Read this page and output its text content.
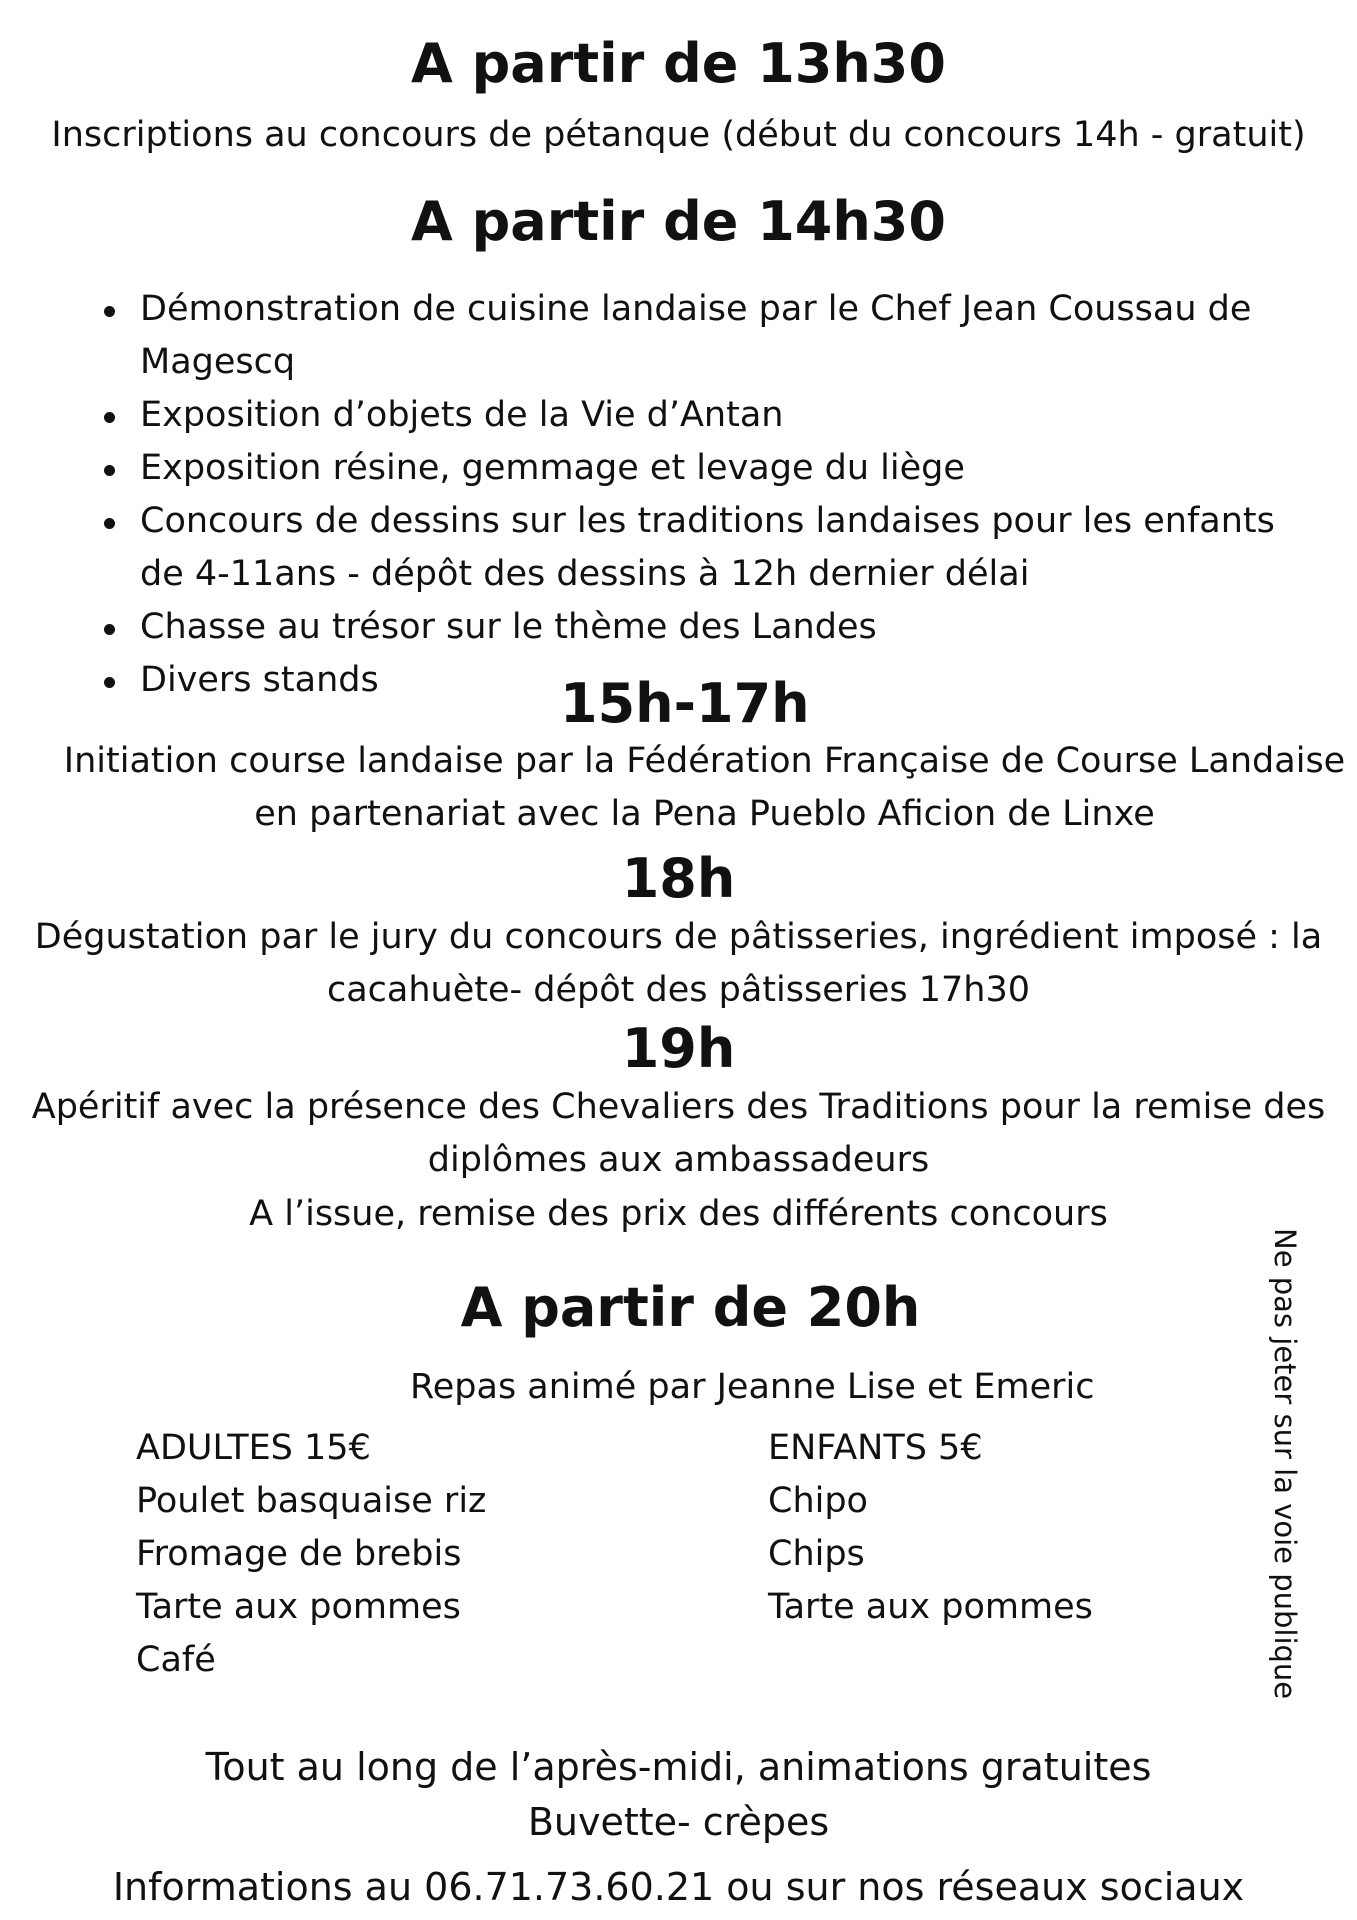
A partir de 13h30
Inscriptions au concours de pétanque (début du concours 14h - gratuit)
A partir de 14h30
Démonstration de cuisine landaise par le Chef Jean Coussau de Magescq
Exposition d’objets de la Vie d’Antan
Exposition résine, gemmage et levage du liège
Concours de dessins sur les traditions landaises pour les enfants de 4-11ans - dépôt des dessins à 12h dernier délai
Chasse au trésor sur le thème des Landes
Divers stands	15h-17h
Initiation course landaise par la Fédération Française de Course Landaise
en partenariat avec la Pena Pueblo Aficion de Linxe
18h
Dégustation par le jury du concours de pâtisseries, ingrédient imposé : la
cacahuète- dépôt des pâtisseries 17h30
19h
Apéritif avec la présence des Chevaliers des Traditions pour la remise des
diplômes aux ambassadeurs
A l’issue, remise des prix des différents concours
A partir de 20h
Repas animé par Jeanne Lise et Emeric
ADULTES 15€
Poulet basquaise riz
Fromage de brebis
Tarte aux pommes
Café
ENFANTS 5€
Chipo
Chips
Tarte aux pommes
Tout au long de l’après-midi, animations gratuites
Buvette- crèpes
Informations au 06.71.73.60.21 ou sur nos réseaux sociaux
Ne pas jeter sur la voie publique
